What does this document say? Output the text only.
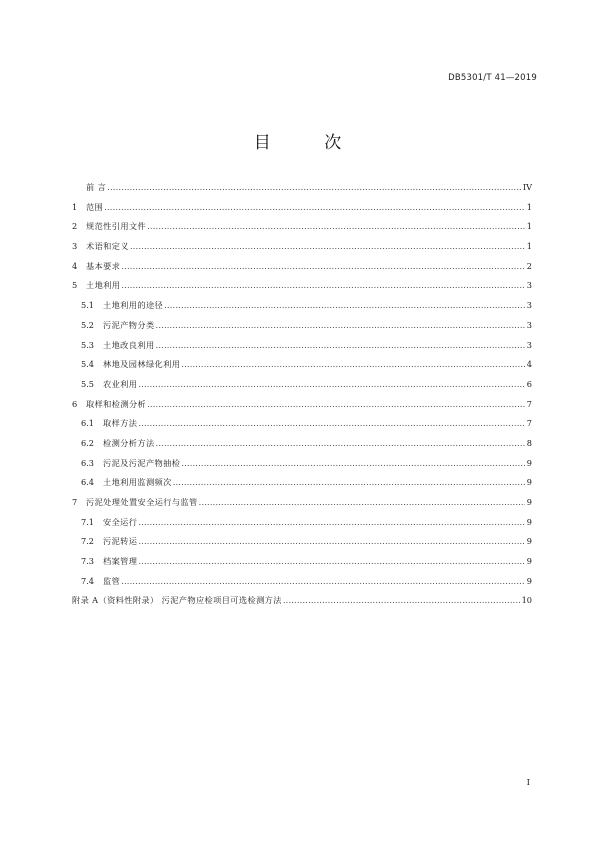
DB5301/T 41—2019
目 次
前 言 .....	IV
1	范围 .....	1
2	规范性引用文件 .....	1
3	术语和定义 .....	1
4	基本要求 .....	2
5	土地利用 .....	3
5.1	土地利用的途径 .....	3
5.2	污泥产物分类 .....	3
5.3	土地改良利用 .....	3
5.4	林地及园林绿化利用 .....	4
5.5	农业利用 .....	6
6	取样和检测分析 .....	7
6.1	取样方法 .....	7
6.2	检测分析方法 .....	8
6.3	污泥及污泥产物抽检 .....	9
6.4	土地利用监测频次 .....	9
7	污泥处理处置安全运行与监管 .....	9
7.1	安全运行 .....	9
7.2	污泥转运 .....	9
7.3	档案管理 .....	9
7.4	监管 .....	9
附录 A（资料性附录） 污泥产物应检项目可选检测方法 .....	10
I
